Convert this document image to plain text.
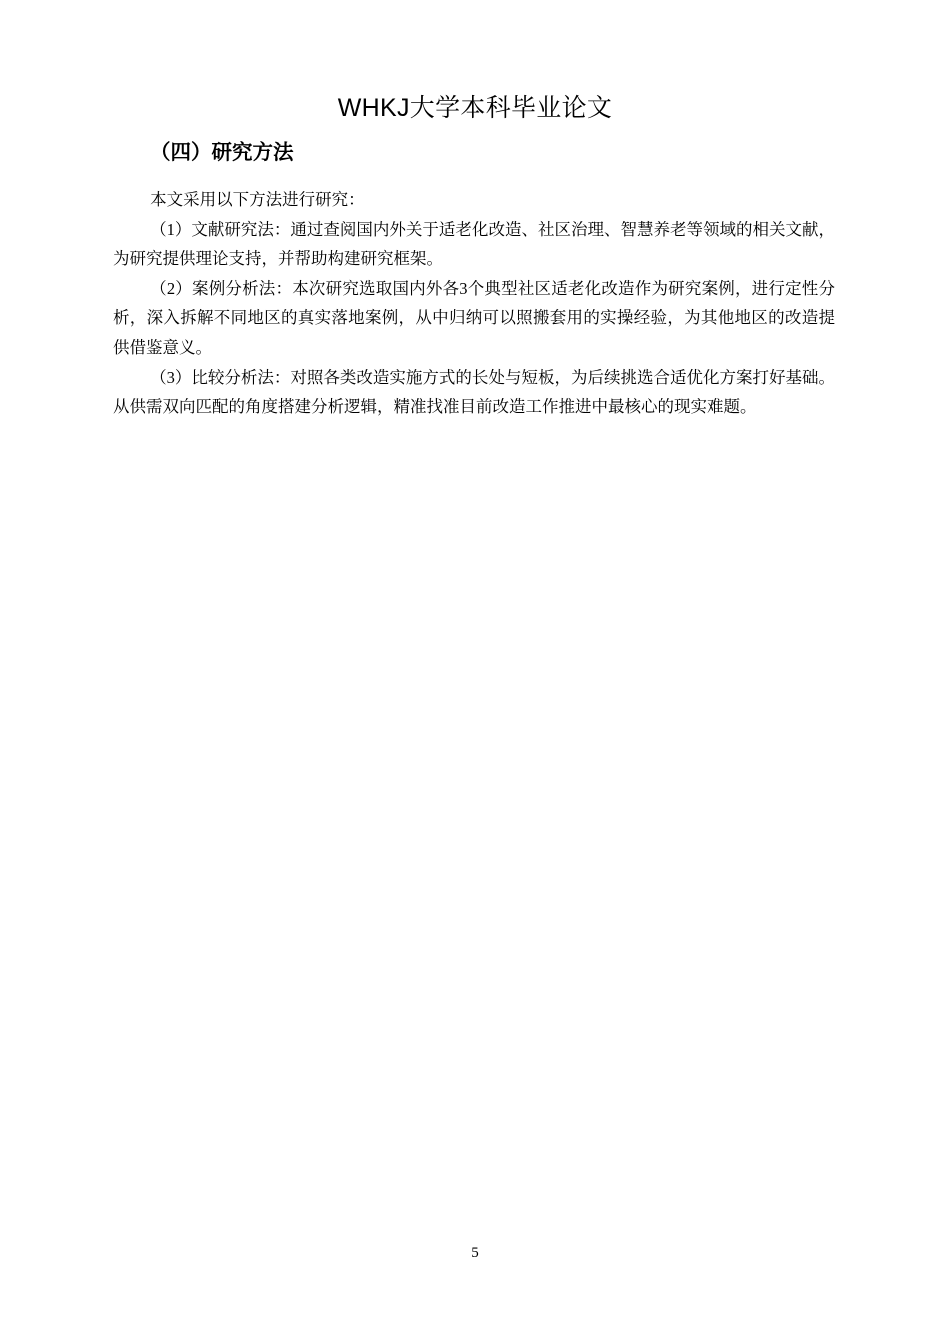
WHKJ大学本科毕业论文
（四）研究方法

本文采用以下方法进行研究：

（1）文献研究法：通过查阅国内外关于适老化改造、社区治理、智慧养老等领域的相关文献，为研究提供理论支持，并帮助构建研究框架。

（2）案例分析法：本次研究选取国内外各3个典型社区适老化改造作为研究案例，进行定性分析，深入拆解不同地区的真实落地案例，从中归纳可以照搬套用的实操经验，为其他地区的改造提供借鉴意义。

（3）比较分析法：对照各类改造实施方式的长处与短板，为后续挑选合适优化方案打好基础。从供需双向匹配的角度搭建分析逻辑，精准找准目前改造工作推进中最核心的现实难题。

5
